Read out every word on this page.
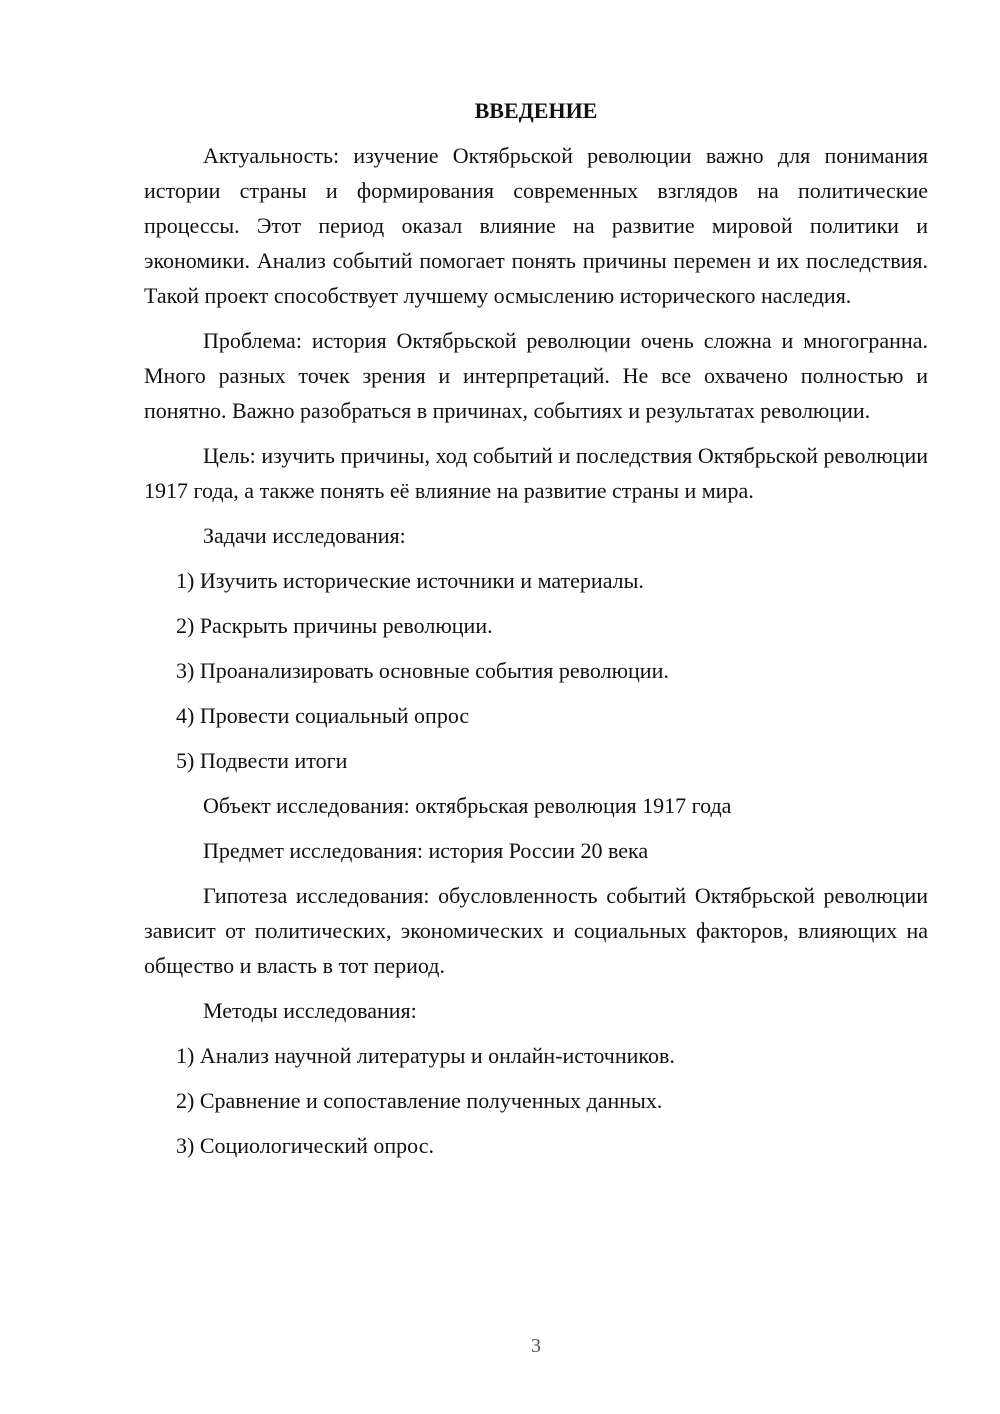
ВВЕДЕНИЕ

Актуальность: изучение Октябрьской революции важно для понимания истории страны и формирования современных взглядов на политические процессы. Этот период оказал влияние на развитие мировой политики и экономики. Анализ событий помогает понять причины перемен и их последствия. Такой проект способствует лучшему осмыслению исторического наследия.

Проблема: история Октябрьской революции очень сложна и многогранна. Много разных точек зрения и интерпретаций. Не все охвачено полностью и понятно. Важно разобраться в причинах, событиях и результатах революции.

Цель: изучить причины, ход событий и последствия Октябрьской революции 1917 года, а также понять её влияние на развитие страны и мира.

Задачи исследования:
1) Изучить исторические источники и материалы.
2) Раскрыть причины революции.
3) Проанализировать основные события революции.
4) Провести социальный опрос
5) Подвести итоги
Объект исследования: октябрьская революция 1917 года
Предмет исследования: история России 20 века

Гипотеза исследования: обусловленность событий Октябрьской революции зависит от политических, экономических и социальных факторов, влияющих на общество и власть в тот период.

Методы исследования:
1) Анализ научной литературы и онлайн-источников.
2) Сравнение и сопоставление полученных данных.
3) Социологический опрос.
3
